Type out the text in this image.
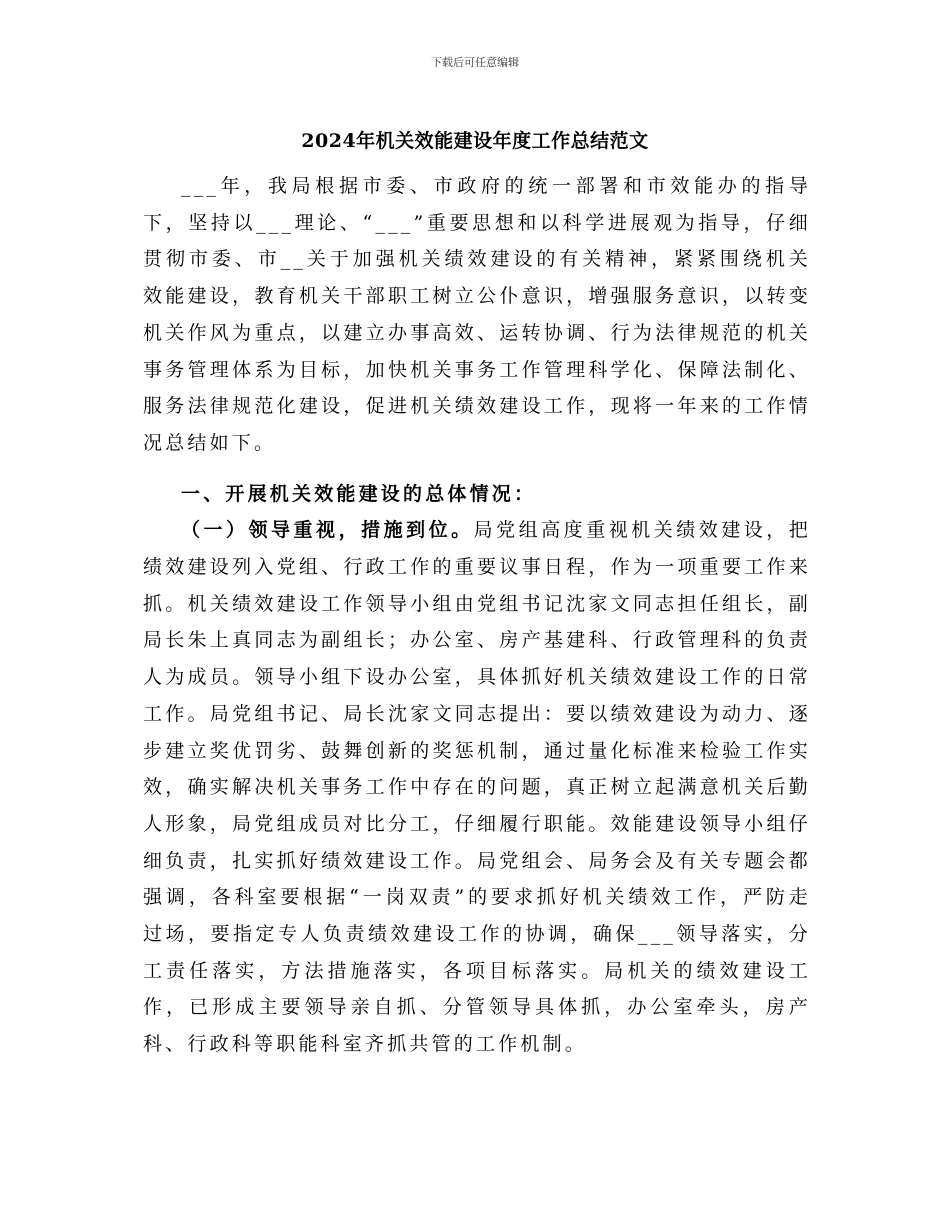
下载后可任意编辑
2024年机关效能建设年度工作总结范文

___年，我局根据市委、市政府的统一部署和市效能办的指导下，坚持以___理论、“___”重要思想和以科学进展观为指导，仔细贯彻市委、市__关于加强机关绩效建设的有关精神，紧紧围绕机关效能建设，教育机关干部职工树立公仆意识，增强服务意识，以转变机关作风为重点，以建立办事高效、运转协调、行为法律规范的机关事务管理体系为目标，加快机关事务工作管理科学化、保障法制化、服务法律规范化建设，促进机关绩效建设工作，现将一年来的工作情况总结如下。

一、开展机关效能建设的总体情况：

（一）领导重视，措施到位。局党组高度重视机关绩效建设，把绩效建设列入党组、行政工作的重要议事日程，作为一项重要工作来抓。机关绩效建设工作领导小组由党组书记沈家文同志担任组长，副局长朱上真同志为副组长；办公室、房产基建科、行政管理科的负责人为成员。领导小组下设办公室，具体抓好机关绩效建设工作的日常工作。局党组书记、局长沈家文同志提出：要以绩效建设为动力、逐步建立奖优罚劣、鼓舞创新的奖惩机制，通过量化标准来检验工作实效，确实解决机关事务工作中存在的问题，真正树立起满意机关后勤人形象，局党组成员对比分工，仔细履行职能。效能建设领导小组仔细负责，扎实抓好绩效建设工作。局党组会、局务会及有关专题会都强调，各科室要根据“一岗双责”的要求抓好机关绩效工作，严防走过场，要指定专人负责绩效建设工作的协调，确保___领导落实，分工责任落实，方法措施落实，各项目标落实。局机关的绩效建设工作，已形成主要领导亲自抓、分管领导具体抓，办公室牵头，房产科、行政科等职能科室齐抓共管的工作机制。
